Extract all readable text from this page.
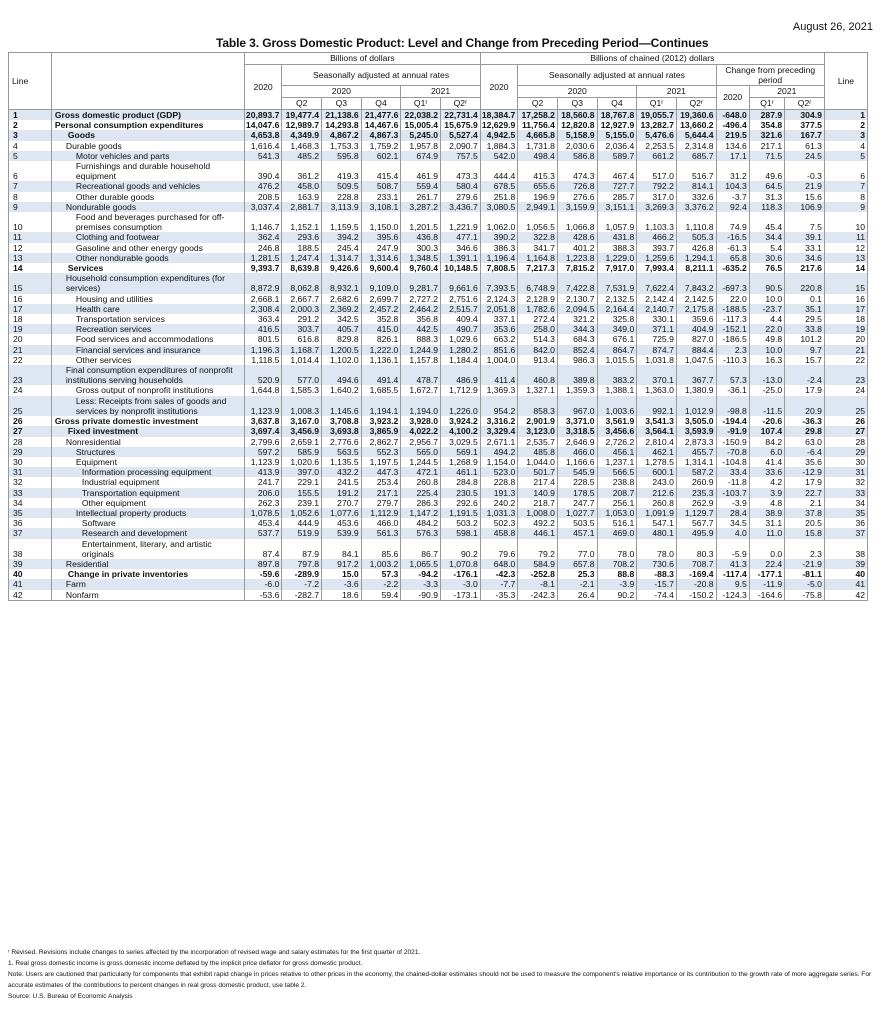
August 26, 2021
Table 3. Gross Domestic Product: Level and Change from Preceding Period—Continues
Line		Billions of dollars						Billions of chained (2012) dollars									Line
		2020	Seasonally adjusted at annual rates					2020	Seasonally adjusted at annual rates					Change from preceding period			
			2020			2021			2020			2021		2020	2021		
			Q2	Q3	Q4	Q1ʳ	Q2ʳ		Q2	Q3	Q4	Q1ʳ	Q2ʳ		Q1ʳ	Q2ʳ	
1	Gross domestic product (GDP)	20,893.7	19,477.4	21,138.6	21,477.6	22,038.2	22,731.4	18,384.7	17,258.2	18,560.8	18,767.8	19,055.7	19,360.6	-648.0	287.9	304.9	1
2	Personal consumption expenditures	14,047.6	12,989.7	14,293.8	14,467.6	15,005.4	15,675.9	12,629.9	11,756.4	12,820.8	12,927.9	13,282.7	13,660.2	-496.4	354.8	377.5	2
3	Goods	4,653.8	4,349.9	4,867.2	4,867.3	5,245.0	5,527.4	4,942.5	4,665.8	5,158.9	5,155.0	5,476.6	5,644.4	219.5	321.6	167.7	3
4	Durable goods	1,616.4	1,468.3	1,753.3	1,759.2	1,957.8	2,090.7	1,884.3	1,731.8	2,030.6	2,036.4	2,253.5	2,314.8	134.6	217.1	61.3	4
5	Motor vehicles and parts	541.3	485.2	595.8	602.1	674.9	757.5	542.0	498.4	586.8	589.7	661.2	685.7	17.1	71.5	24.5	5
6	Furnishings and durable household equipment	390.4	361.2	419.3	415.4	461.9	473.3	444.4	415.3	474.3	467.4	517.0	516.7	31.2	49.6	-0.3	6
7	Recreational goods and vehicles	476.2	458.0	509.5	508.7	559.4	580.4	678.5	655.6	726.8	727.7	792.2	814.1	104.3	64.5	21.9	7
8	Other durable goods	208.5	163.9	228.8	233.1	261.7	279.6	251.8	196.9	276.6	285.7	317.0	332.6	-3.7	31.3	15.6	8
9	Nondurable goods	3,037.4	2,881.7	3,113.9	3,108.1	3,287.2	3,436.7	3,080.5	2,949.1	3,159.9	3,151.1	3,269.3	3,376.2	92.4	118.3	106.9	9
10	Food and beverages purchased for off-premises consumption	1,146.7	1,152.1	1,159.5	1,150.0	1,201.5	1,221.9	1,062.0	1,056.5	1,066.8	1,057.9	1,103.3	1,110.8	74.9	45.4	7.5	10
11	Clothing and footwear	362.4	293.6	394.2	395.6	436.8	477.1	390.2	322.8	428.6	431.8	466.2	505.3	-16.5	34.4	39.1	11
12	Gasoline and other energy goods	246.8	188.5	245.4	247.9	300.3	346.6	386.3	341.7	401.2	388.3	393.7	426.8	-61.3	5.4	33.1	12
13	Other nondurable goods	1,281.5	1,247.4	1,314.7	1,314.6	1,348.5	1,391.1	1,196.4	1,164.8	1,223.8	1,229.0	1,259.6	1,294.1	65.8	30.6	34.6	13
14	Services	9,393.7	8,639.8	9,426.6	9,600.4	9,760.4	10,148.5	7,808.5	7,217.3	7,815.2	7,917.0	7,993.4	8,211.1	-635.2	76.5	217.6	14
15	Household consumption expenditures (for services)	8,872.9	8,062.8	8,932.1	9,109.0	9,281.7	9,661.6	7,393.5	6,748.9	7,422.8	7,531.9	7,622.4	7,843.2	-697.3	90.5	220.8	15
16	Housing and utilities	2,668.1	2,667.7	2,682.6	2,699.7	2,727.2	2,751.6	2,124.3	2,128.9	2,130.7	2,132.5	2,142.4	2,142.5	22.0	10.0	0.1	16
17	Health care	2,308.4	2,000.3	2,369.2	2,457.2	2,464.2	2,515.7	2,051.8	1,782.6	2,094.5	2,164.4	2,140.7	2,175.8	-188.5	-23.7	35.1	17
18	Transportation services	363.4	291.2	342.5	352.8	356.8	409.4	337.1	272.4	321.2	325.8	330.1	359.6	-117.3	4.4	29.5	18
19	Recreation services	416.5	303.7	405.7	415.0	442.5	490.7	353.6	258.0	344.3	349.0	371.1	404.9	-152.1	22.0	33.8	19
20	Food services and accommodations	801.5	616.8	829.8	826.1	888.3	1,029.6	663.2	514.3	684.3	676.1	725.9	827.0	-186.5	49.8	101.2	20
21	Financial services and insurance	1,196.3	1,168.7	1,200.5	1,222.0	1,244.9	1,280.2	851.6	842.0	852.4	864.7	874.7	884.4	2.3	10.0	9.7	21
22	Other services	1,118.5	1,014.4	1,102.0	1,136.1	1,157.8	1,184.4	1,004.0	913.4	986.3	1,015.5	1,031.8	1,047.5	-110.3	16.3	15.7	22
23	Final consumption expenditures of nonprofit institutions serving households	520.9	577.0	494.6	491.4	478.7	486.9	411.4	460.8	389.8	383.2	370.1	367.7	57.3	-13.0	-2.4	23
24	Gross output of nonprofit institutions	1,644.8	1,585.3	1,640.2	1,685.5	1,672.7	1,712.9	1,369.3	1,327.1	1,359.3	1,388.1	1,363.0	1,380.9	-36.1	-25.0	17.9	24
25	Less: Receipts from sales of goods and services by nonprofit institutions	1,123.9	1,008.3	1,145.6	1,194.1	1,194.0	1,226.0	954.2	858.3	967.0	1,003.6	992.1	1,012.9	-98.8	-11.5	20.9	25
26	Gross private domestic investment	3,637.8	3,167.0	3,708.8	3,923.2	3,928.0	3,924.2	3,316.2	2,901.9	3,371.0	3,561.9	3,541.3	3,505.0	-194.4	-20.6	-36.3	26
27	Fixed investment	3,697.4	3,456.9	3,693.8	3,865.9	4,022.2	4,100.2	3,329.4	3,123.0	3,318.5	3,456.6	3,564.1	3,593.9	-91.9	107.4	29.8	27
28	Nonresidential	2,799.6	2,659.1	2,776.6	2,862.7	2,956.7	3,029.5	2,671.1	2,535.7	2,646.9	2,726.2	2,810.4	2,873.3	-150.9	84.2	63.0	28
29	Structures	597.2	585.9	563.5	552.3	565.0	569.1	494.2	485.8	466.0	456.1	462.1	455.7	-70.8	6.0	-6.4	29
30	Equipment	1,123.9	1,020.6	1,135.5	1,197.5	1,244.5	1,268.9	1,154.0	1,044.0	1,166.6	1,237.1	1,278.5	1,314.1	-104.8	41.4	35.6	30
31	Information processing equipment	413.9	397.0	432.2	447.3	472.1	461.1	523.0	501.7	545.9	566.5	600.1	587.2	33.4	33.6	-12.9	31
32	Industrial equipment	241.7	229.1	241.5	253.4	260.8	284.8	228.8	217.4	228.5	238.8	243.0	260.9	-11.8	4.2	17.9	32
33	Transportation equipment	206.0	155.5	191.2	217.1	225.4	230.5	191.3	140.9	178.5	208.7	212.6	235.3	-103.7	3.9	22.7	33
34	Other equipment	262.3	239.1	270.7	279.7	286.3	292.6	240.2	218.7	247.7	256.1	260.8	262.9	-3.9	4.8	2.1	34
35	Intellectual property products	1,078.5	1,052.6	1,077.6	1,112.9	1,147.2	1,191.5	1,031.3	1,008.0	1,027.7	1,053.0	1,091.9	1,129.7	28.4	38.9	37.8	35
36	Software	453.4	444.9	453.6	466.0	484.2	503.2	502.3	492.2	503.5	516.1	547.1	567.7	34.5	31.1	20.5	36
37	Research and development	537.7	519.9	539.9	561.3	576.3	598.1	458.8	446.1	457.1	469.0	480.1	495.9	4.0	11.0	15.8	37
38	Entertainment, literary, and artistic originals	87.4	87.9	84.1	85.6	86.7	90.2	79.6	79.2	77.0	78.0	78.0	80.3	-5.9	0.0	2.3	38
39	Residential	897.8	797.8	917.2	1,003.2	1,065.5	1,070.8	648.0	584.9	657.8	708.2	730.6	708.7	41.3	22.4	-21.9	39
40	Change in private inventories	-59.6	-289.9	15.0	57.3	-94.2	-176.1	-42.3	-252.8	25.3	88.8	-88.3	-169.4	-117.4	-177.1	-81.1	40
41	Farm	-6.0	-7.2	-3.6	-2.2	-3.3	-3.0	-7.7	-8.1	-2.1	-3.9	-15.7	-20.8	9.5	-11.9	-5.0	41
42	Nonfarm	-53.6	-282.7	18.6	59.4	-90.9	-173.1	-35.3	-242.3	26.4	90.2	-74.4	-150.2	-124.3	-164.6	-75.8	42
ʳ Revised. Revisions include changes to series affected by the incorporation of revised wage and salary estimates for the first quarter of 2021.
1. Real gross domestic income is gross domestic income deflated by the implicit price deflator for gross domestic product.
Note. Users are cautioned that particularly for components that exhibit rapid change in prices relative to other prices in the economy, the chained-dollar estimates should not be used to measure the component's relative importance or its contribution to the growth rate of more aggregate series. For accurate estimates of the contributions to percent changes in real gross domestic product, use table 2.
Source: U.S. Bureau of Economic Analysis
